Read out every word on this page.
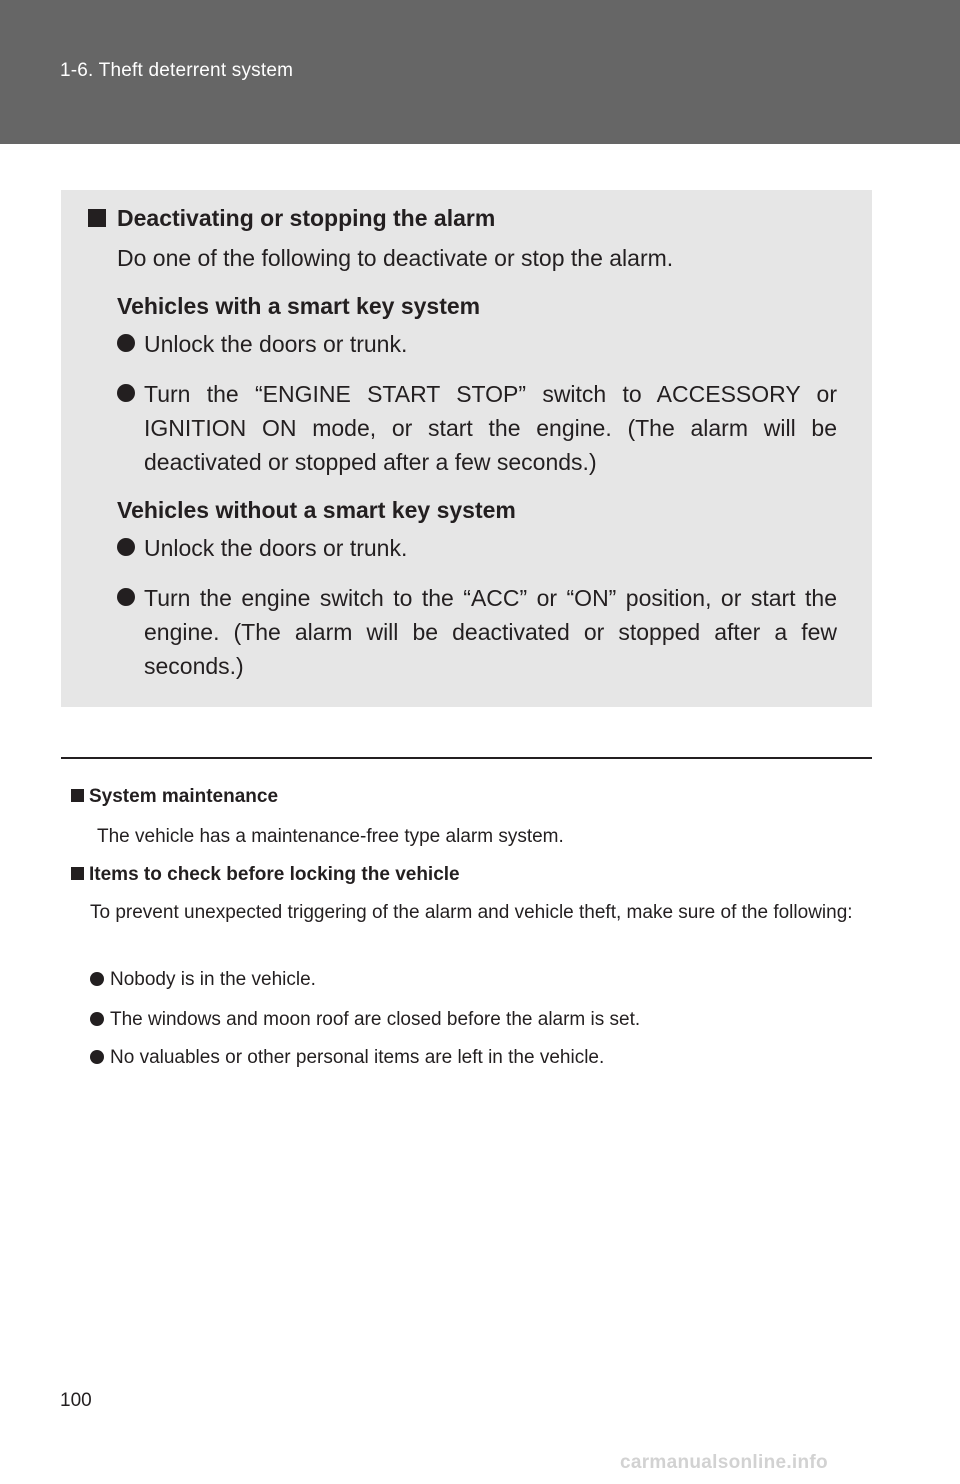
1-6. Theft deterrent system
Deactivating or stopping the alarm
Do one of the following to deactivate or stop the alarm.
Vehicles with a smart key system
Unlock the doors or trunk.
Turn the “ENGINE START STOP” switch to ACCESSORY or IGNITION ON mode, or start the engine. (The alarm will be deactivated or stopped after a few seconds.)
Vehicles without a smart key system
Unlock the doors or trunk.
Turn the engine switch to the “ACC” or “ON” position, or start the engine. (The alarm will be deactivated or stopped after a few seconds.)
System maintenance
The vehicle has a maintenance-free type alarm system.
Items to check before locking the vehicle
To prevent unexpected triggering of the alarm and vehicle theft, make sure of the following:
Nobody is in the vehicle.
The windows and moon roof are closed before the alarm is set.
No valuables or other personal items are left in the vehicle.
100
carmanualsonline.info
